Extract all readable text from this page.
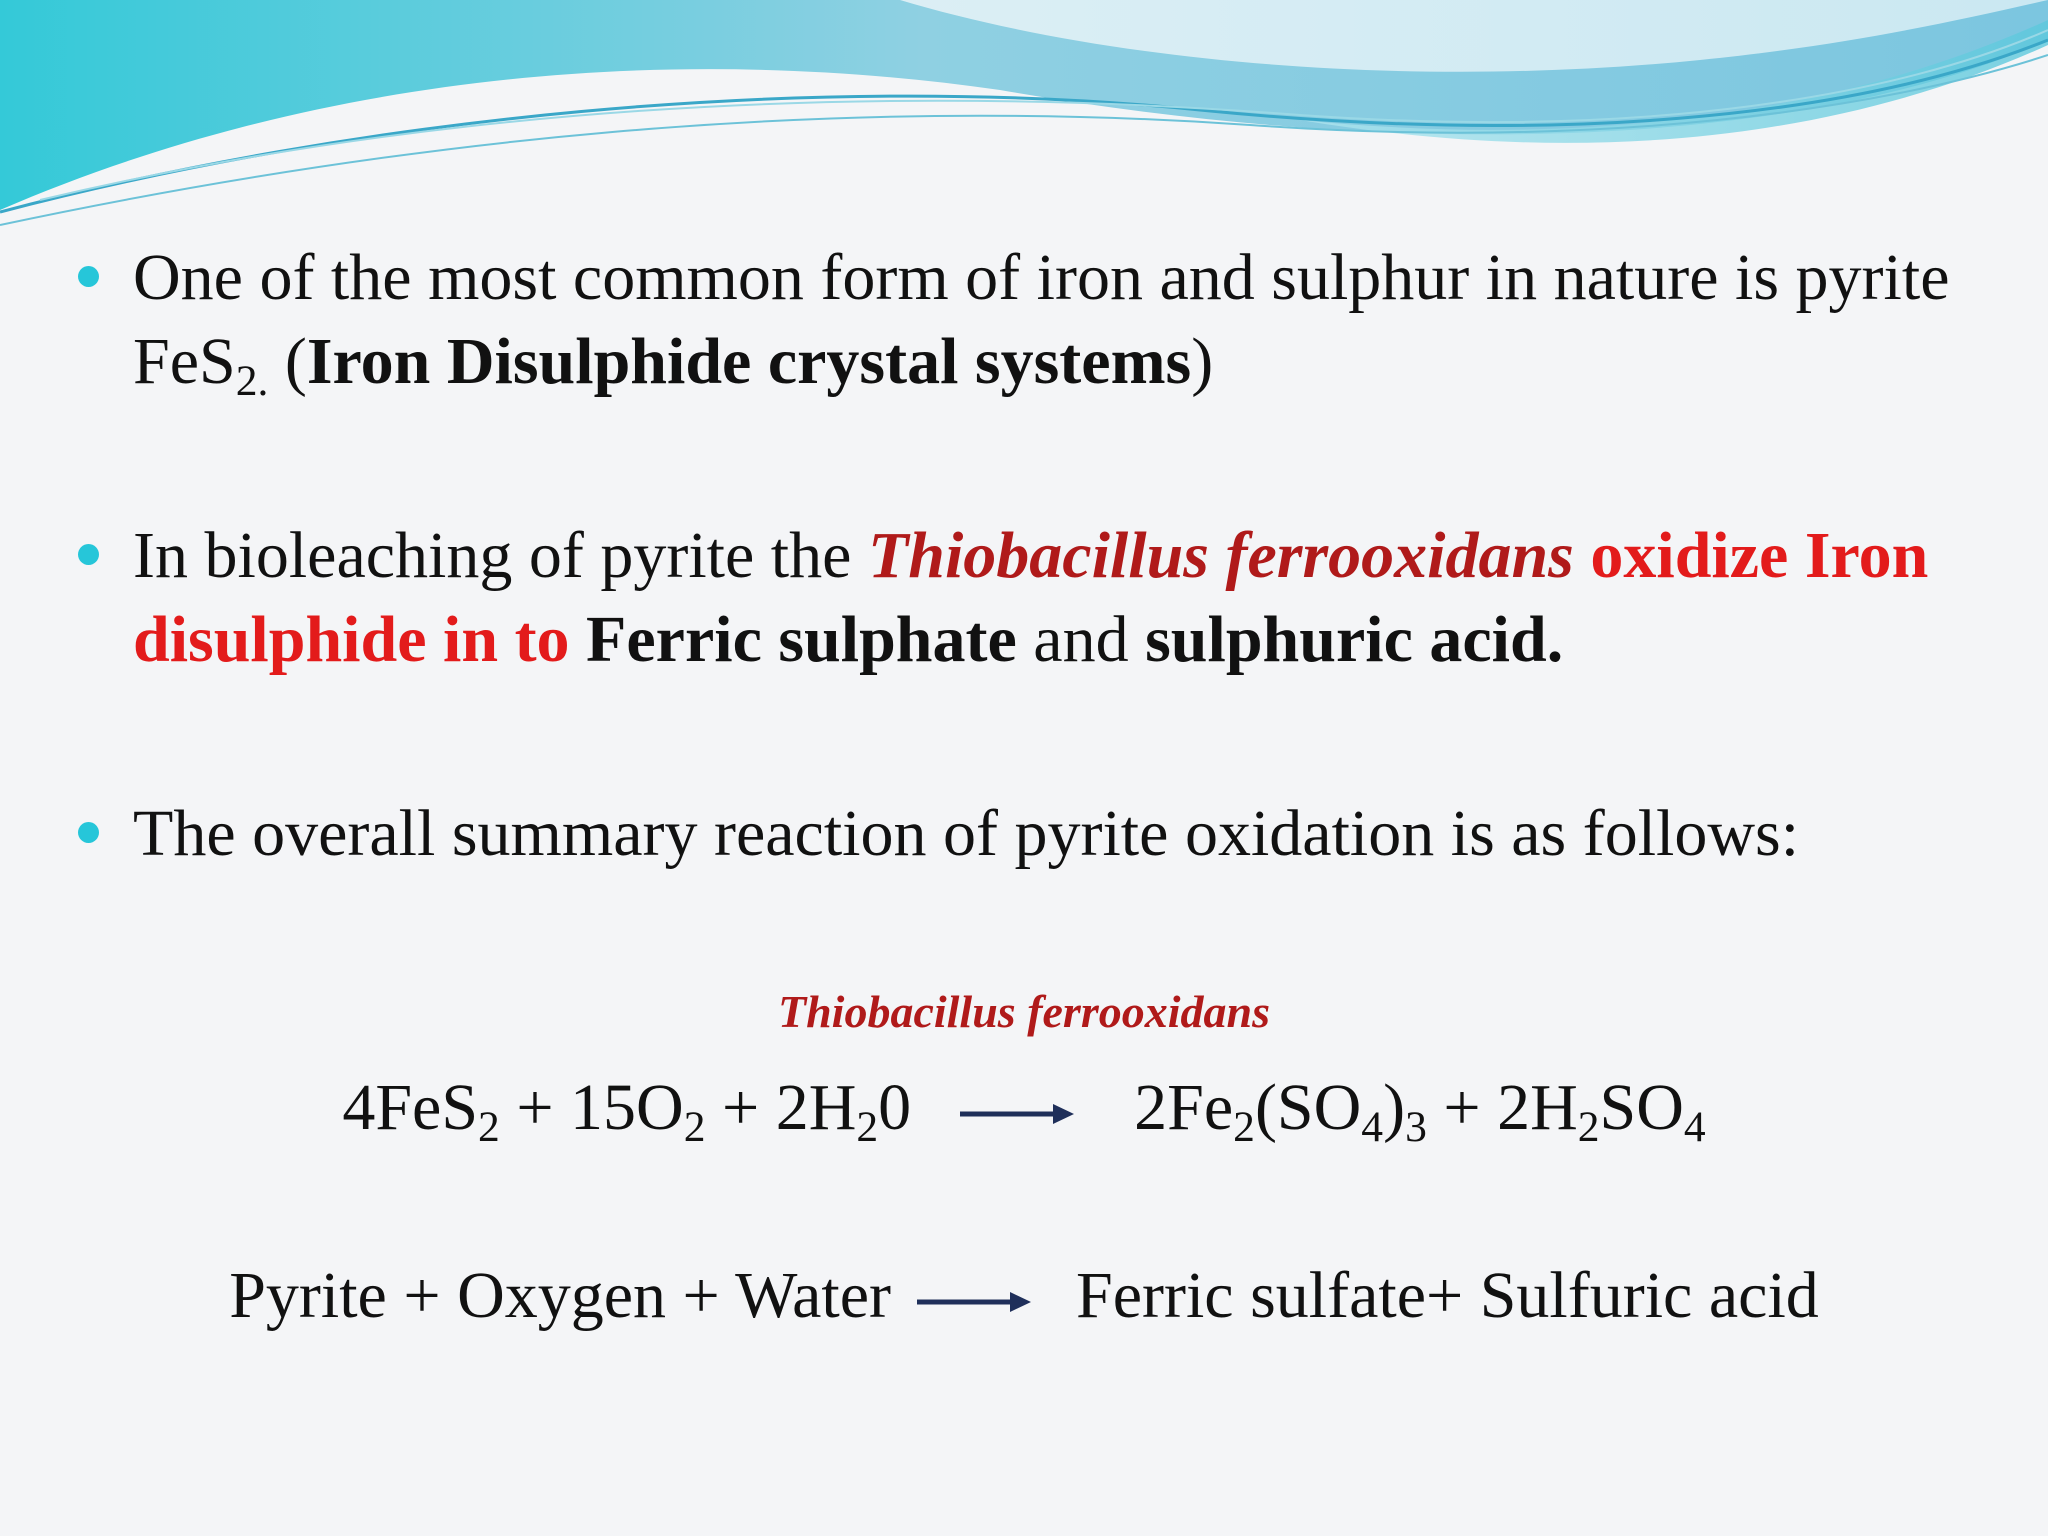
One of the most common form of iron and sulphur in nature is pyrite FeS$_{2.}$ (Iron Disulphide crystal systems)
In bioleaching of pyrite the Thiobacillus ferrooxidans oxidize Iron disulphide in to Ferric sulphate and sulphuric acid.
The overall summary reaction of pyrite oxidation is as follows:
Thiobacillus ferrooxidans
$4FeS_2 + 15O_2 + 2H_20 \to 2Fe_2(SO_4)_3 + 2H_2SO_4$
Pyrite + Oxygen + Water	Ferric sulfate+ Sulfuric acid
